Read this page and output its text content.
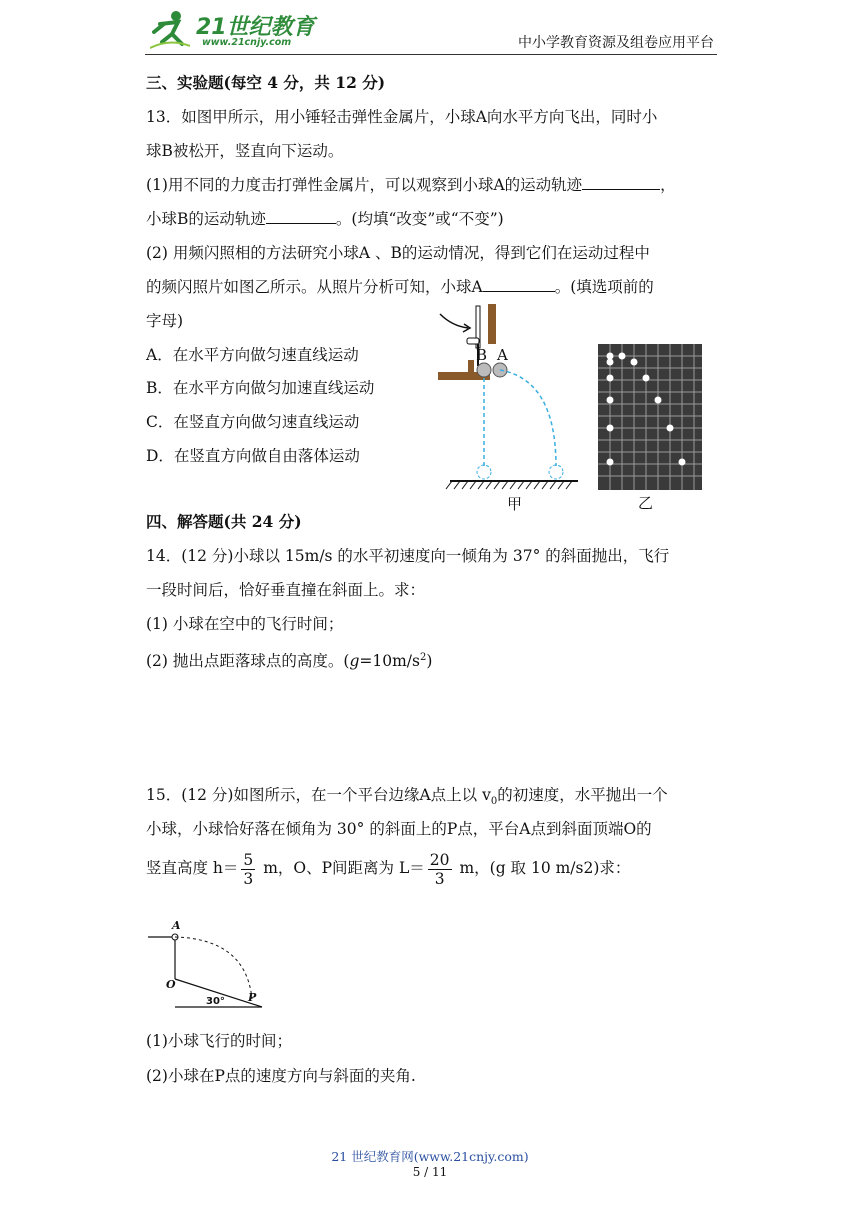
21世纪教育
www.21cnjy.com	中小学教育资源及组卷应用平台
三、实验题(每空 4 分，共 12 分)
13．如图甲所示，用小锤轻击弹性金属片，小球A向水平方向飞出，同时小
球B被松开，竖直向下运动。
(1)用不同的力度击打弹性金属片，可以观察到小球A的运动轨迹	，
小球B的运动轨迹	。(均填“改变”或“不变”)
(2) 用频闪照相的方法研究小球A 、B的运动情况，得到它们在运动过程中
的频闪照片如图乙所示。从照片分析可知，小球A	。(填选项前的
字母)
A．在水平方向做匀速直线运动
B．在水平方向做匀加速直线运动
C．在竖直方向做匀速直线运动
D．在竖直方向做自由落体运动
B A
甲	乙
四、解答题(共 24 分)
14．(12 分)小球以 15m/s 的水平初速度向一倾角为 37° 的斜面抛出，飞行
一段时间后，恰好垂直撞在斜面上。求：
(1) 小球在空中的飞行时间；
(2) 抛出点距落球点的高度。$(g=10m/s^2)$
15．(12 分)如图所示，在一个平台边缘A点上以 $v_0$的初速度，水平抛出一个
小球，小球恰好落在倾角为 30° 的斜面上的P点，平台A点到斜面顶端O的
竖直高度 $h= \frac{5}{3}$ m，O、P间距离为 $L= \frac{20}{3}$ m，(g 取 10 m/s2)求：
A
O
P
30°
(1)小球飞行的时间；
(2)小球在P点的速度方向与斜面的夹角.
21 世纪教育网(www.21cnjy.com)
5 / 11
